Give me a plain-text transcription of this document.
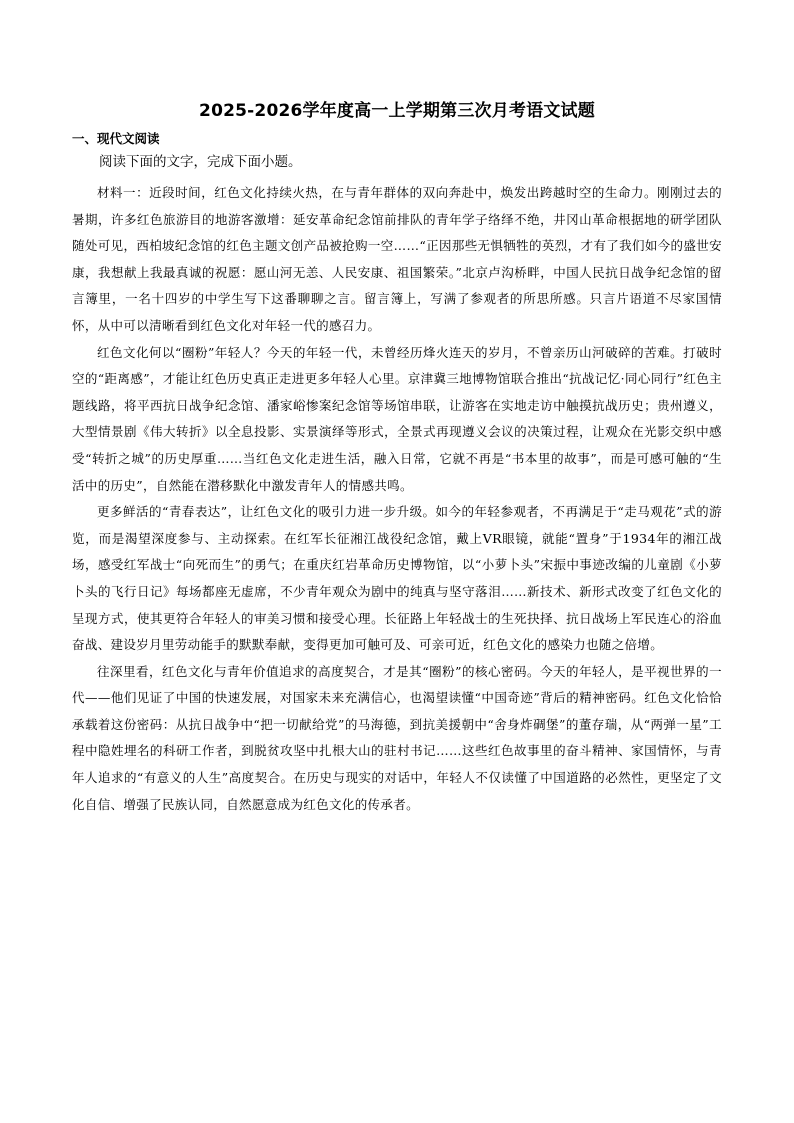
2025-2026学年度高一上学期第三次月考语文试题
一、现代文阅读

阅读下面的文字，完成下面小题。

材料一：近段时间，红色文化持续火热，在与青年群体的双向奔赴中，焕发出跨越时空的生命力。刚刚过去的暑期，许多红色旅游目的地游客激增：延安革命纪念馆前排队的青年学子络绎不绝，井冈山革命根据地的研学团队随处可见，西柏坡纪念馆的红色主题文创产品被抢购一空……“正因那些无惧牺牲的英烈，才有了我们如今的盛世安康，我想献上我最真诚的祝愿：愿山河无恙、人民安康、祖国繁荣。”北京卢沟桥畔，中国人民抗日战争纪念馆的留言簿里，一名十四岁的中学生写下这番聊聊之言。留言簿上，写满了参观者的所思所感。只言片语道不尽家国情怀，从中可以清晰看到红色文化对年轻一代的感召力。

红色文化何以“圈粉”年轻人？今天的年轻一代，未曾经历烽火连天的岁月，不曾亲历山河破碎的苦难。打破时空的“距离感”，才能让红色历史真正走进更多年轻人心里。京津冀三地博物馆联合推出“抗战记忆·同心同行”红色主题线路，将平西抗日战争纪念馆、潘家峪惨案纪念馆等场馆串联，让游客在实地走访中触摸抗战历史；贵州遵义，大型情景剧《伟大转折》以全息投影、实景演绎等形式，全景式再现遵义会议的决策过程，让观众在光影交织中感受“转折之城”的历史厚重……当红色文化走进生活，融入日常，它就不再是“书本里的故事”，而是可感可触的“生活中的历史”，自然能在潜移默化中激发青年人的情感共鸣。

更多鲜活的“青春表达”，让红色文化的吸引力进一步升级。如今的年轻参观者，不再满足于“走马观花”式的游览，而是渴望深度参与、主动探索。在红军长征湘江战役纪念馆，戴上VR眼镜，就能“置身”于1934年的湘江战场，感受红军战士“向死而生”的勇气；在重庆红岩革命历史博物馆，以“小萝卜头”宋振中事迹改编的儿童剧《小萝卜头的飞行日记》每场都座无虚席，不少青年观众为剧中的纯真与坚守落泪……新技术、新形式改变了红色文化的呈现方式，使其更符合年轻人的审美习惯和接受心理。长征路上年轻战士的生死抉择、抗日战场上军民连心的浴血奋战、建设岁月里劳动能手的默默奉献，变得更加可触可及、可亲可近，红色文化的感染力也随之倍增。

往深里看，红色文化与青年价值追求的高度契合，才是其“圈粉”的核心密码。今天的年轻人，是平视世界的一代——他们见证了中国的快速发展，对国家未来充满信心，也渴望读懂“中国奇迹”背后的精神密码。红色文化恰恰承载着这份密码：从抗日战争中“把一切献给党”的马海德，到抗美援朝中“舍身炸碉堡”的董存瑞，从“两弹一星”工程中隐姓埋名的科研工作者，到脱贫攻坚中扎根大山的驻村书记……这些红色故事里的奋斗精神、家国情怀，与青年人追求的“有意义的人生”高度契合。在历史与现实的对话中，年轻人不仅读懂了中国道路的必然性，更坚定了文化自信、增强了民族认同，自然愿意成为红色文化的传承者。
